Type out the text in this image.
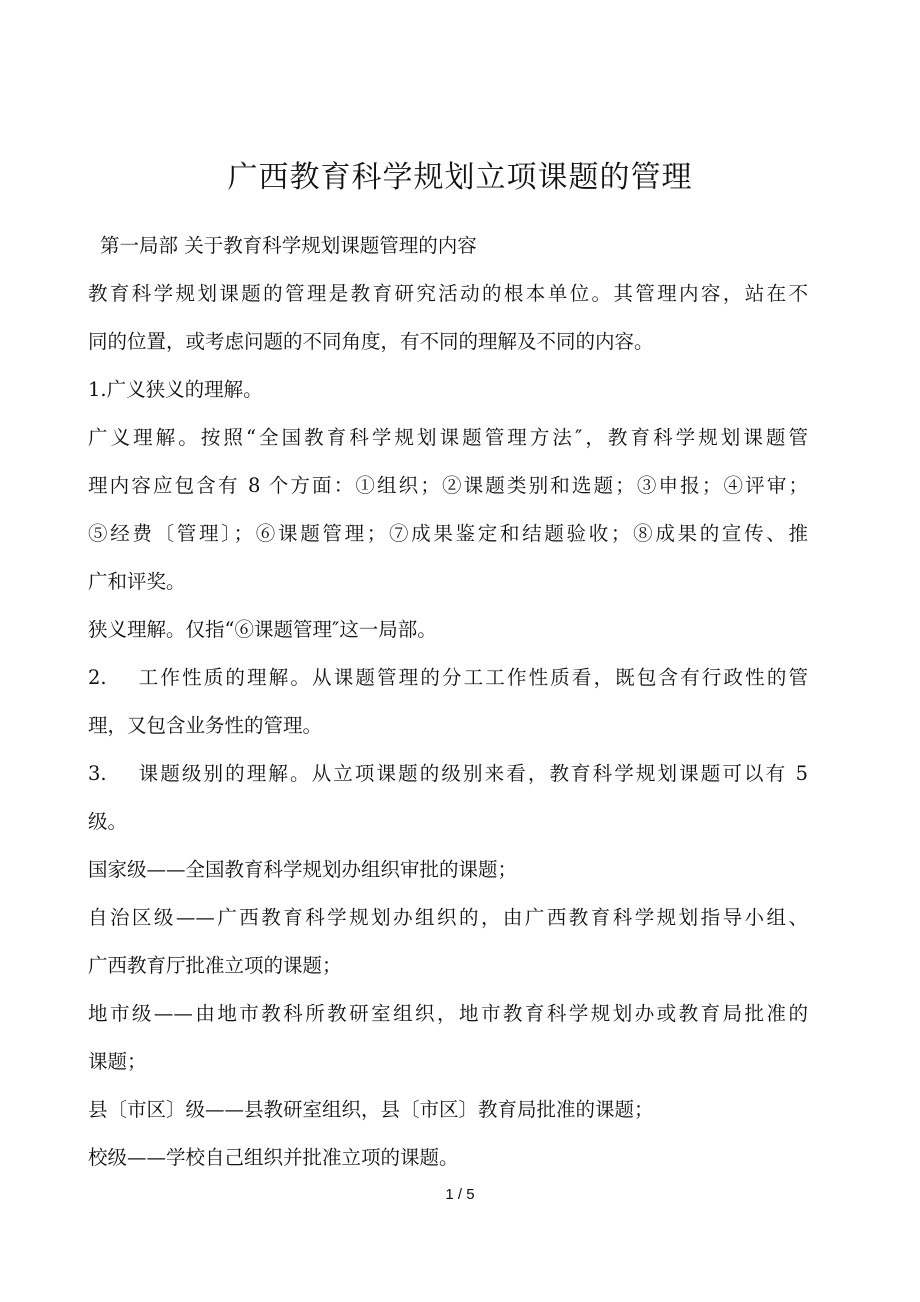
广西教育科学规划立项课题的管理
第一局部 关于教育科学规划课题管理的内容
教育科学规划课题的管理是教育研究活动的根本单位。其管理内容，站在不
同的位置，或考虑问题的不同角度，有不同的理解及不同的内容。
1.广义狭义的理解。
广义理解。按照“全国教育科学规划课题管理方法″，教育科学规划课题管
理内容应包含有 8 个方面：①组织；②课题类别和选题；③申报；④评审；
⑤经费〔管理〕；⑥课题管理；⑦成果鉴定和结题验收；⑧成果的宣传、推
广和评奖。
狭义理解。仅指“⑥课题管理″这一局部。
2.　 工作性质的理解。从课题管理的分工工作性质看，既包含有行政性的管
理，又包含业务性的管理。
3.　 课题级别的理解。从立项课题的级别来看，教育科学规划课题可以有 5
级。
国家级——全国教育科学规划办组织审批的课题；
自治区级——广西教育科学规划办组织的，由广西教育科学规划指导小组、
广西教育厅批准立项的课题；
地市级——由地市教科所教研室组织，地市教育科学规划办或教育局批准的
课题；
县〔市区〕级——县教研室组织，县〔市区〕教育局批准的课题；
校级——学校自己组织并批准立项的课题。
1 / 5
